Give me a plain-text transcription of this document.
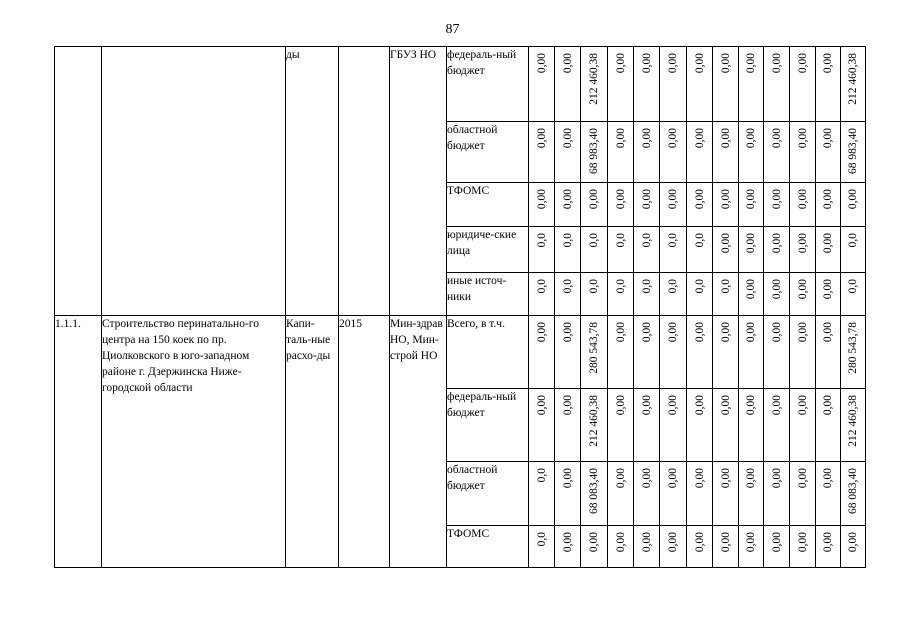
87
		ды		ГБУЗ НО	федераль-ный бюджет	0,00	0,00	212 460,38	0,00	0,00	0,00	0,00	0,00	0,00	0,00	0,00	0,00	212 460,38

					областной бюджет	0,00	0,00	68 983,40	0,00	0,00	0,00	0,00	0,00	0,00	0,00	0,00	0,00	68 983,40

					ТФОМС	0,00	0,00	0,00	0,00	0,00	0,00	0,00	0,00	0,00	0,00	0,00	0,00	0,00

					юридиче-ские лица	0,0	0,0	0,0	0,0	0,0	0,0	0,0	0,00	0,00	0,00	0,00	0,00	0,0

					иные источ-ники	0,0	0,0	0,0	0,0	0,0	0,0	0,0	0,0	0,00	0,00	0,00	0,00	0,0

1.1.1.	Строительство перинатально-го центра на 150 коек по пр. Циолковского в юго-западном районе г. Дзержинска Ниже-городской области	Капи-таль-ные расхо-ды	2015	Мин-здрав НО, Мин-строй НО	Всего, в т.ч.	0,00	0,00	280 543,78	0,00	0,00	0,00	0,00	0,00	0,00	0,00	0,00	0,00	280 543,78

					федераль-ный бюджет	0,00	0,00	212 460,38	0,00	0,00	0,00	0,00	0,00	0,00	0,00	0,00	0,00	212 460,38

					областной бюджет	0,0	0,00	68 083,40	0,00	0,00	0,00	0,00	0,00	0,00	0,00	0,00	0,00	68 083,40

					ТФОМС	0,0	0,00	0,00	0,00	0,00	0,00	0,00	0,00	0,00	0,00	0,00	0,00	0,00
